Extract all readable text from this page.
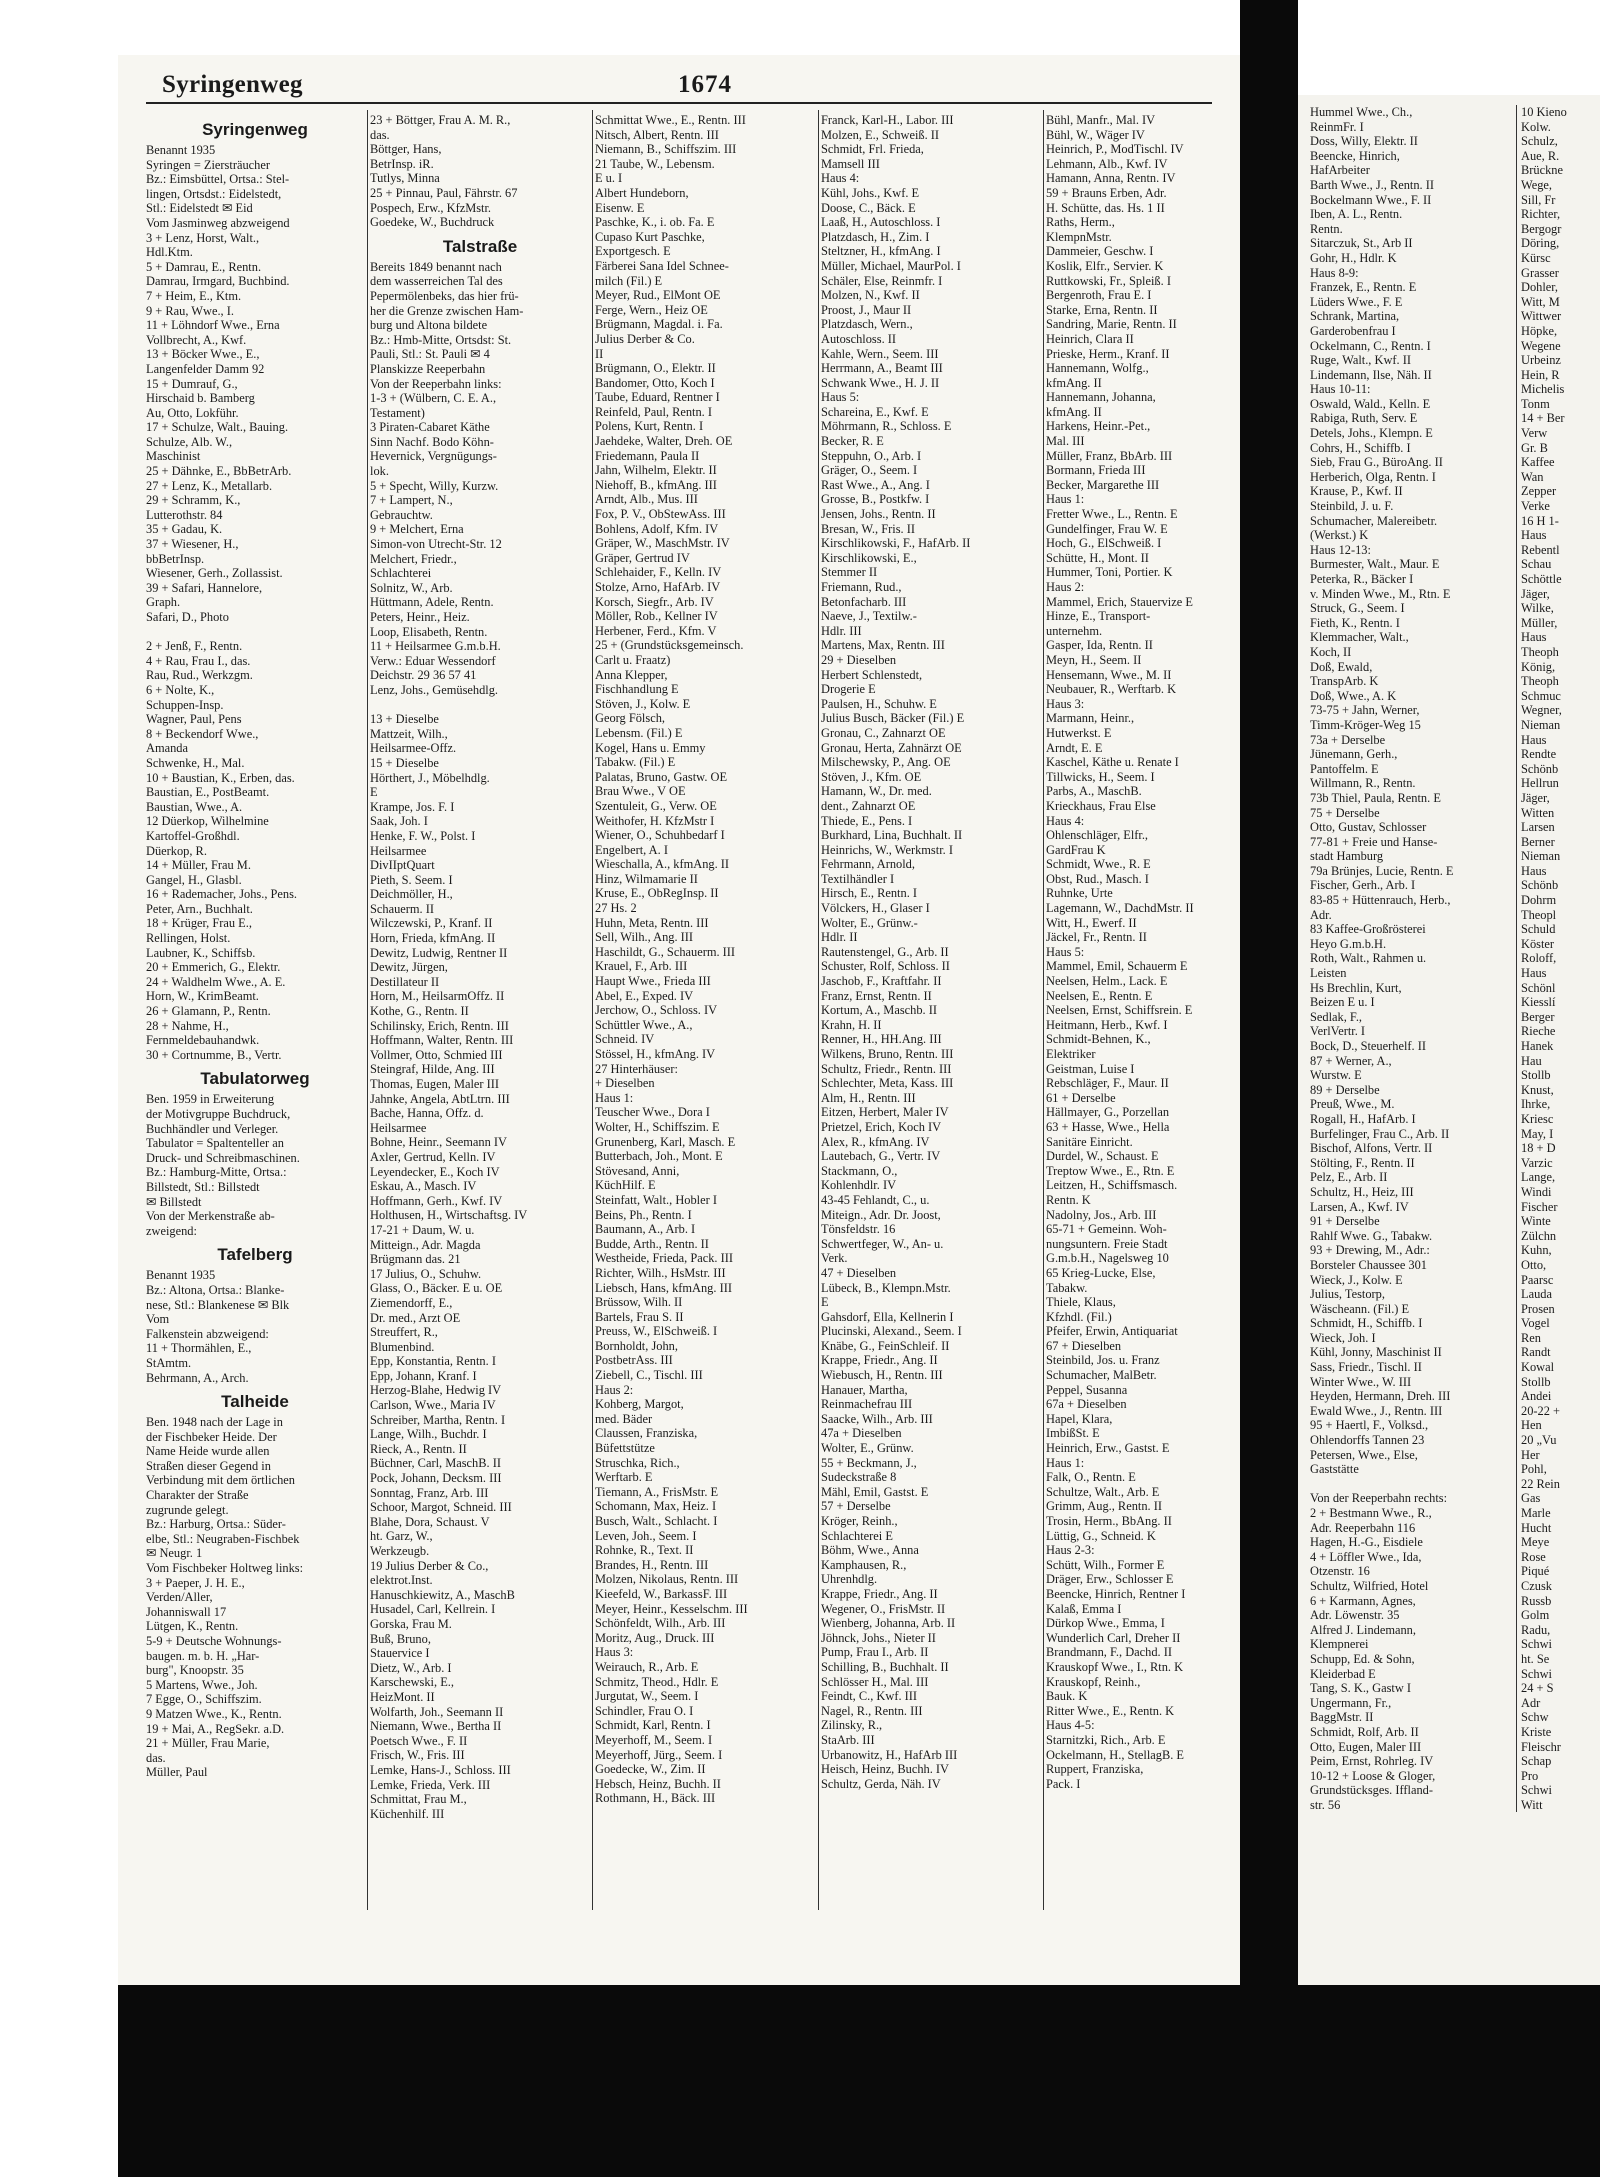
Syringenweg	1674
Syringenweg
Benannt 1935
Syringen = Ziersträucher
Bz.: Eimsbüttel, Ortsa.: Stel-
lingen, Ortsdst.: Eidelstedt,
Stl.: Eidelstedt ✉ Eid
Vom Jasminweg abzweigend
3 + Lenz, Horst, Walt.,
Hdl.Ktm.
5 + Damrau, E., Rentn.
Damrau, Irmgard, Buchbind.
7 + Heim, E., Ktm.
9 + Rau, Wwe., I.
11 + Löhndorf Wwe., Erna
Vollbrecht, A., Kwf.
13 + Böcker Wwe., E.,
Langenfelder Damm 92
15 + Dumrauf, G.,
Hirschaid b. Bamberg
Au, Otto, Lokführ.
17 + Schulze, Walt., Bauing.
Schulze, Alb. W.,
Maschinist
25 + Dähnke, E., BbBetrArb.
27 + Lenz, K., Metallarb.
29 + Schramm, K.,
Lutterothstr. 84
35 + Gadau, K.
37 + Wiesener, H.,
bbBetrInsp.
Wiesener, Gerh., Zollassist.
39 + Safari, Hannelore,
Graph.
Safari, D., Photo

2 + Jenß, F., Rentn.
4 + Rau, Frau I., das.
Rau, Rud., Werkzgm.
6 + Nolte, K.,
Schuppen-Insp.
Wagner, Paul, Pens
8 + Beckendorf Wwe.,
Amanda
Schwenke, H., Mal.
10 + Baustian, K., Erben, das.
Baustian, E., PostBeamt.
Baustian, Wwe., A.
12 Düerkop, Wilhelmine
Kartoffel-Großhdl.
Düerkop, R.
14 + Müller, Frau M.
Gangel, H., Glasbl.
16 + Rademacher, Johs., Pens.
Peter, Arn., Buchhalt.
18 + Krüger, Frau E.,
Rellingen, Holst.
Laubner, K., Schiffsb.
20 + Emmerich, G., Elektr.
24 + Waldhelm Wwe., A. E.
Horn, W., KrimBeamt.
26 + Glamann, P., Rentn.
28 + Nahme, H.,
Fernmeldebauhandwk.
30 + Cortnumme, B., Vertr.
Tabulatorweg
Ben. 1959 in Erweiterung
der Motivgruppe Buchdruck,
Buchhändler und Verleger.
Tabulator = Spaltenteller an
Druck- und Schreibmaschinen.
Bz.: Hamburg-Mitte, Ortsa.:
Billstedt, Stl.: Billstedt
✉ Billstedt
Von der Merkenstraße ab-
zweigend:
Tafelberg
Benannt 1935
Bz.: Altona, Ortsa.: Blanke-
nese, Stl.: Blankenese ✉ Blk
Vom
Falkenstein abzweigend:
11 + Thormählen, E.,
StAmtm.
Behrmann, A., Arch.
Talheide
Ben. 1948 nach der Lage in
der Fischbeker Heide. Der
Name Heide wurde allen
Straßen dieser Gegend in
Verbindung mit dem örtlichen
Charakter der Straße
zugrunde gelegt.
Bz.: Harburg, Ortsa.: Süder-
elbe, Stl.: Neugraben-Fischbek
✉ Neugr. 1
Vom Fischbeker Holtweg links:
3 + Paeper, J. H. E.,
Verden/Aller,
Johanniswall 17
Lütgen, K., Rentn.
5-9 + Deutsche Wohnungs-
baugen. m. b. H. „Har-
burg", Knoopstr. 35
5 Martens, Wwe., Joh.
7 Egge, O., Schiffszim.
9 Matzen Wwe., K., Rentn.
19 + Mai, A., RegSekr. a.D.
21 + Müller, Frau Marie,
das.
Müller, Paul
23 + Böttger, Frau A. M. R.,
das.
Böttger, Hans,
BetrInsp. iR.
Tutlys, Minna
25 + Pinnau, Paul, Fährstr. 67
Pospech, Erw., KfzMstr.
Goedeke, W., Buchdruck
Talstraße
Bereits 1849 benannt nach
dem wasserreichen Tal des
Pepermölenbeks, das hier frü-
her die Grenze zwischen Ham-
burg und Altona bildete
Bz.: Hmb-Mitte, Ortsdst: St.
Pauli, Stl.: St. Pauli ✉ 4
Planskizze Reeperbahn
Von der Reeperbahn links:
1-3 + (Wülbern, C. E. A.,
Testament)
3 Piraten-Cabaret Käthe
Sinn Nachf. Bodo Köhn-
Hevernick, Vergnügungs-
lok.
5 + Specht, Willy, Kurzw.
7 + Lampert, N.,
Gebrauchtw.
9 + Melchert, Erna
Simon-von Utrecht-Str. 12
Melchert, Friedr.,
Schlachterei
Solnitz, W., Arb.
Hüttmann, Adele, Rentn.
Peters, Heinr., Heiz.
Loop, Elisabeth, Rentn.
11 + Heilsarmee G.m.b.H.
Verw.: Eduar Wessendorf
Deichstr. 29 36 57 41
Lenz, Johs., Gemüsehdlg.

13 + Dieselbe
Mattzeit, Wilh.,
Heilsarmee-Offz.
15 + Dieselbe
Hörthert, J., Möbelhdlg.
E
Krampe, Jos. F. I
Saak, Joh. I
Henke, F. W., Polst. I
Heilsarmee
DivIIptQuart
Pieth, S. Seem. I
Deichmöller, H.,
Schauerm. II
Wilczewski, P., Kranf. II
Horn, Frieda, kfmAng. II
Dewitz, Ludwig, Rentner II
Dewitz, Jürgen,
Destillateur II
Horn, M., HeilsarmOffz. II
Kothe, G., Rentn. II
Schilinsky, Erich, Rentn. III
Hoffmann, Walter, Rentn. III
Vollmer, Otto, Schmied III
Steingraf, Hilde, Ang. III
Thomas, Eugen, Maler III
Jahnke, Angela, AbtLtrn. III
Bache, Hanna, Offz. d.
Heilsarmee
Bohne, Heinr., Seemann IV
Axler, Gertrud, Kelln. IV
Leyendecker, E., Koch IV
Eskau, A., Masch. IV
Hoffmann, Gerh., Kwf. IV
Holthusen, H., Wirtschaftsg. IV
17-21 + Daum, W. u.
Mitteign., Adr. Magda
Brügmann das. 21
17 Julius, O., Schuhw.
Glass, O., Bäcker. E u. OE
Ziemendorff, E.,
Dr. med., Arzt OE
Streuffert, R.,
Blumenbind.
Epp, Konstantia, Rentn. I
Epp, Johann, Kranf. I
Herzog-Blahe, Hedwig IV
Carlson, Wwe., Maria IV
Schreiber, Martha, Rentn. I
Lange, Wilh., Buchdr. I
Rieck, A., Rentn. II
Büchner, Carl, MaschB. II
Pock, Johann, Decksm. III
Sonntag, Franz, Arb. III
Schoor, Margot, Schneid. III
Blahe, Dora, Schaust. V
ht. Garz, W.,
Werkzeugb.
19 Julius Derber & Co.,
elektrot.Inst.
Hanuschkiewitz, A., MaschB
Husadel, Carl, Kellrein. I
Gorska, Frau M.
Buß, Bruno,
Stauervice I
Dietz, W., Arb. I
Karschewski, E.,
HeizMont. II
Wolfarth, Joh., Seemann II
Niemann, Wwe., Bertha II
Poetsch Wwe., F. II
Frisch, W., Fris. III
Lemke, Hans-J., Schloss. III
Lemke, Frieda, Verk. III
Schmittat, Frau M.,
Küchenhilf. III
Schmittat Wwe., E., Rentn. III
Nitsch, Albert, Rentn. III
Niemann, B., Schiffszim. III
21 Taube, W., Lebensm.
E u. I
Albert Hundeborn,
Eisenw. E
Paschke, K., i. ob. Fa. E
Cupaso Kurt Paschke,
Exportgesch. E
Färberei Sana Idel Schnee-
milch (Fil.) E
Meyer, Rud., ElMont OE
Ferge, Wern., Heiz OE
Brügmann, Magdal. i. Fa.
Julius Derber & Co.
II
Brügmann, O., Elektr. II
Bandomer, Otto, Koch I
Taube, Eduard, Rentner I
Reinfeld, Paul, Rentn. I
Polens, Kurt, Rentn. I
Jaehdeke, Walter, Dreh. OE
Friedemann, Paula II
Jahn, Wilhelm, Elektr. II
Niehoff, B., kfmAng. III
Arndt, Alb., Mus. III
Fox, P. V., ObStewAss. III
Bohlens, Adolf, Kfm. IV
Gräper, W., MaschMstr. IV
Gräper, Gertrud IV
Schlehaider, F., Kelln. IV
Stolze, Arno, HafArb. IV
Korsch, Siegfr., Arb. IV
Möller, Rob., Kellner IV
Herbener, Ferd., Kfm. V
25 + (Grundstücksgemeinsch.
Carlt u. Fraatz)
Anna Klepper,
Fischhandlung E
Stöven, J., Kolw. E
Georg Fölsch,
Lebensm. (Fil.) E
Kogel, Hans u. Emmy
Tabakw. (Fil.) E
Palatas, Bruno, Gastw. OE
Brau Wwe., V OE
Szentuleit, G., Verw. OE
Weithofer, H. KfzMstr I
Wiener, O., Schuhbedarf I
Engelbert, A. I
Wieschalla, A., kfmAng. II
Hinz, Wilmamarie II
Kruse, E., ObRegInsp. II
27 Hs. 2
Huhn, Meta, Rentn. III
Sell, Wilh., Ang. III
Haschildt, G., Schauerm. III
Krauel, F., Arb. III
Haupt Wwe., Frieda III
Abel, E., Exped. IV
Jerchow, O., Schloss. IV
Schüttler Wwe., A.,
Schneid. IV
Stössel, H., kfmAng. IV
27 Hinterhäuser:
+ Dieselben
Haus 1:
Teuscher Wwe., Dora I
Wolter, H., Schiffszim. E
Grunenberg, Karl, Masch. E
Butterbach, Joh., Mont. E
Stövesand, Anni,
KüchHilf. E
Steinfatt, Walt., Hobler I
Beins, Ph., Rentn. I
Baumann, A., Arb. I
Budde, Arth., Rentn. II
Westheide, Frieda, Pack. III
Richter, Wilh., HsMstr. III
Liebsch, Hans, kfmAng. III
Brüssow, Wilh. II
Bartels, Frau S. II
Preuss, W., ElSchweiß. I
Bornholdt, John,
PostbetrAss. III
Ziebell, C., Tischl. III
Haus 2:
Kohberg, Margot,
med. Bäder
Claussen, Franziska,
Büfettstütze
Struschka, Rich.,
Werftarb. E
Tiemann, A., FrisMstr. E
Schomann, Max, Heiz. I
Busch, Walt., Schlacht. I
Leven, Joh., Seem. I
Rohnke, R., Text. II
Brandes, H., Rentn. III
Molzen, Nikolaus, Rentn. III
Kieefeld, W., BarkassF. III
Meyer, Heinr., Kesselschm. III
Schönfeldt, Wilh., Arb. III
Moritz, Aug., Druck. III
Haus 3:
Weirauch, R., Arb. E
Schmitz, Theod., Hdlr. E
Jurgutat, W., Seem. I
Schindler, Frau O. I
Schmidt, Karl, Rentn. I
Meyerhoff, M., Seem. I
Meyerhoff, Jürg., Seem. I
Goedecke, W., Zim. II
Hebsch, Heinz, Buchh. II
Rothmann, H., Bäck. III
Franck, Karl-H., Labor. III
Molzen, E., Schweiß. II
Schmidt, Frl. Frieda,
Mamsell III
Haus 4:
Kühl, Johs., Kwf. E
Doose, C., Bäck. E
Laaß, H., Autoschloss. I
Platzdasch, H., Zim. I
Steltzner, H., kfmAng. I
Müller, Michael, MaurPol. I
Schäler, Else, Reinmfr. I
Molzen, N., Kwf. II
Proost, J., Maur II
Platzdasch, Wern.,
Autoschloss. II
Kahle, Wern., Seem. III
Herrmann, A., Beamt III
Schwank Wwe., H. J. II
Haus 5:
Schareina, E., Kwf. E
Möhrmann, R., Schloss. E
Becker, R. E
Steppuhn, O., Arb. I
Gräger, O., Seem. I
Rast Wwe., A., Ang. I
Grosse, B., Postkfw. I
Jensen, Johs., Rentn. II
Bresan, W., Fris. II
Kirschlikowski, F., HafArb. II
Kirschlikowski, E.,
Stemmer II
Friemann, Rud.,
Betonfacharb. III
Naeve, J., Textilw.-
Hdlr. III
Martens, Max, Rentn. III
29 + Dieselben
Herbert Schlenstedt,
Drogerie E
Paulsen, H., Schuhw. E
Julius Busch, Bäcker (Fil.) E
Gronau, C., Zahnarzt OE
Gronau, Herta, Zahnärzt OE
Milschewsky, P., Ang. OE
Stöven, J., Kfm. OE
Hamann, W., Dr. med.
dent., Zahnarzt OE
Thiede, E., Pens. I
Burkhard, Lina, Buchhalt. II
Heinrichs, W., Werkmstr. I
Fehrmann, Arnold,
Textilhändler I
Hirsch, E., Rentn. I
Völckers, H., Glaser I
Wolter, E., Grünw.-
Hdlr. II
Rautenstengel, G., Arb. II
Schuster, Rolf, Schloss. II
Jaschob, F., Kraftfahr. II
Franz, Ernst, Rentn. II
Kortum, A., Maschb. II
Krahn, H. II
Renner, H., HH.Ang. III
Wilkens, Bruno, Rentn. III
Schultz, Friedr., Rentn. III
Schlechter, Meta, Kass. III
Alm, H., Rentn. III
Eitzen, Herbert, Maler IV
Prietzel, Erich, Koch IV
Alex, R., kfmAng. IV
Lautebach, G., Vertr. IV
Stackmann, O.,
Kohlenhdlr. IV
43-45 Fehlandt, C., u.
Miteign., Adr. Dr. Joost,
Tönsfeldstr. 16
Schwertfeger, W., An- u.
Verk.
47 + Dieselben
Lübeck, B., Klempn.Mstr.
E
Gahsdorf, Ella, Kellnerin I
Plucinski, Alexand., Seem. I
Knäbe, G., FeinSchleif. II
Krappe, Friedr., Ang. II
Wiebusch, H., Rentn. III
Hanauer, Martha,
Reinmachefrau III
Saacke, Wilh., Arb. III
47a + Dieselben
Wolter, E., Grünw.
55 + Beckmann, J.,
Sudeckstraße 8
Mähl, Emil, Gastst. E
57 + Derselbe
Kröger, Reinh.,
Schlachterei E
Böhm, Wwe., Anna
Kamphausen, R.,
Uhrenhdlg.
Krappe, Friedr., Ang. II
Wegener, O., FrisMstr. II
Wienberg, Johanna, Arb. II
Jöhnck, Johs., Nieter II
Pump, Frau I., Arb. II
Schilling, B., Buchhalt. II
Schlösser H., Mal. III
Feindt, C., Kwf. III
Nagel, R., Rentn. III
Zilinsky, R.,
StaArb. III
Urbanowitz, H., HafArb III
Heisch, Heinz, Buchh. IV
Schultz, Gerda, Näh. IV
Bühl, Manfr., Mal. IV
Bühl, W., Wäger IV
Heinrich, P., ModTischl. IV
Lehmann, Alb., Kwf. IV
Hamann, Anna, Rentn. IV
59 + Brauns Erben, Adr.
H. Schütte, das. Hs. 1 II
Raths, Herm.,
KlempnMstr.
Dammeier, Geschw. I
Koslik, Elfr., Servier. K
Ruttkowski, Fr., Spleiß. I
Bergenroth, Frau E. I
Starke, Erna, Rentn. II
Sandring, Marie, Rentn. II
Heinrich, Clara II
Prieske, Herm., Kranf. II
Hannemann, Wolfg.,
kfmAng. II
Hannemann, Johanna,
kfmAng. II
Harkens, Heinr.-Pet.,
Mal. III
Müller, Franz, BbArb. III
Bormann, Frieda III
Becker, Margarethe III
Haus 1:
Fretter Wwe., L., Rentn. E
Gundelfinger, Frau W. E
Hoch, G., ElSchweiß. I
Schütte, H., Mont. II
Hummer, Toni, Portier. K
Haus 2:
Mammel, Erich, Stauervize E
Hinze, E., Transport-
unternehm.
Gasper, Ida, Rentn. II
Meyn, H., Seem. II
Hensemann, Wwe., M. II
Neubauer, R., Werftarb. K
Haus 3:
Marmann, Heinr.,
Hutwerkst. E
Arndt, E. E
Kaschel, Käthe u. Renate I
Tillwicks, H., Seem. I
Parbs, A., MaschB.
Krieckhaus, Frau Else
Haus 4:
Ohlenschläger, Elfr.,
GardFrau K
Schmidt, Wwe., R. E
Obst, Rud., Masch. I
Ruhnke, Urte
Lagemann, W., DachdMstr. II
Witt, H., Ewerf. II
Jäckel, Fr., Rentn. II
Haus 5:
Mammel, Emil, Schauerm E
Neelsen, Helm., Lack. E
Neelsen, E., Rentn. E
Neelsen, Ernst, Schiffsrein. E
Heitmann, Herb., Kwf. I
Schmidt-Behnen, K.,
Elektriker
Geistman, Luise I
Rebschläger, F., Maur. II
61 + Derselbe
Hällmayer, G., Porzellan
63 + Hasse, Wwe., Hella
Sanitäre Einricht.
Durdel, W., Schaust. E
Treptow Wwe., E., Rtn. E
Leitzen, H., Schiffsmasch.
Rentn. K
Nadolny, Jos., Arb. III
65-71 + Gemeinn. Woh-
nungsuntern. Freie Stadt
G.m.b.H., Nagelsweg 10
65 Krieg-Lucke, Else,
Tabakw.
Thiele, Klaus,
Kfzhdl. (Fil.)
Pfeifer, Erwin, Antiquariat
67 + Dieselben
Steinbild, Jos. u. Franz
Schumacher, MalBetr.
Peppel, Susanna
67a + Dieselben
Hapel, Klara,
ImbißSt. E
Heinrich, Erw., Gastst. E
Haus 1:
Falk, O., Rentn. E
Schultze, Walt., Arb. E
Grimm, Aug., Rentn. II
Trosin, Herm., BbAng. II
Lüttig, G., Schneid. K
Haus 2-3:
Schütt, Wilh., Former E
Dräger, Erw., Schlosser E
Beencke, Hinrich, Rentner I
Kalaß, Emma I
Dürkop Wwe., Emma, I
Wunderlich Carl, Dreher II
Brandmann, F., Dachd. II
Krauskopf Wwe., I., Rtn. K
Krauskopf, Reinh.,
Bauk. K
Ritter Wwe., E., Rentn. K
Haus 4-5:
Starnitzki, Rich., Arb. E
Ockelmann, H., StellagB. E
Ruppert, Franziska,
Pack. I
Hummel Wwe., Ch.,
ReinmFr. I
Doss, Willy, Elektr. II
Beencke, Hinrich,
HafArbeiter
Barth Wwe., J., Rentn. II
Bockelmann Wwe., F. II
Iben, A. L., Rentn.
Rentn.
Sitarczuk, St., Arb II
Gohr, H., Hdlr. K
Haus 8-9:
Franzek, E., Rentn. E
Lüders Wwe., F. E
Schrank, Martina,
Garderobenfrau I
Ockelmann, C., Rentn. I
Ruge, Walt., Kwf. II
Lindemann, Ilse, Näh. II
Haus 10-11:
Oswald, Wald., Kelln. E
Rabiga, Ruth, Serv. E
Detels, Johs., Klempn. E
Cohrs, H., Schiffb. I
Sieb, Frau G., BüroAng. II
Herberich, Olga, Rentn. I
Krause, P., Kwf. II
Steinbild, J. u. F.
Schumacher, Malereibetr.
(Werkst.) K
Haus 12-13:
Burmester, Walt., Maur. E
Peterka, R., Bäcker I
v. Minden Wwe., M., Rtn. E
Struck, G., Seem. I
Fieth, K., Rentn. I
Klemmacher, Walt.,
Koch, II
Doß, Ewald,
TranspArb. K
Doß, Wwe., A. K
73-75 + Jahn, Werner,
Timm-Kröger-Weg 15
73a + Derselbe
Jünemann, Gerh.,
Pantoffelm. E
Willmann, R., Rentn.
73b Thiel, Paula, Rentn. E
75 + Derselbe
Otto, Gustav, Schlosser
77-81 + Freie und Hanse-
stadt Hamburg
79a Brünjes, Lucie, Rentn. E
Fischer, Gerh., Arb. I
83-85 + Hüttenrauch, Herb.,
Adr.
83 Kaffee-Großrösterei
Heyo G.m.b.H.
Roth, Walt., Rahmen u.
Leisten
Hs Brechlin, Kurt,
Beizen E u. I
Sedlak, F.,
VerlVertr. I
Bock, D., Steuerhelf. II
87 + Werner, A.,
Wurstw. E
89 + Derselbe
Preuß, Wwe., M.
Rogall, H., HafArb. I
Burfelinger, Frau C., Arb. II
Bischof, Alfons, Vertr. II
Stölting, F., Rentn. II
Pelz, E., Arb. II
Schultz, H., Heiz, III
Larsen, A., Kwf. IV
91 + Derselbe
Rahlf Wwe. G., Tabakw.
93 + Drewing, M., Adr.:
Borsteler Chaussee 301
Wieck, J., Kolw. E
Julius, Testorp,
Wäscheann. (Fil.) E
Schmidt, H., Schiffb. I
Wieck, Joh. I
Kühl, Jonny, Maschinist II
Sass, Friedr., Tischl. II
Winter Wwe., W. III
Heyden, Hermann, Dreh. III
Ewald Wwe., J., Rentn. III
95 + Haertl, F., Volksd.,
Ohlendorffs Tannen 23
Petersen, Wwe., Else,
Gaststätte

Von der Reeperbahn rechts:
2 + Bestmann Wwe., R.,
Adr. Reeperbahn 116
Hagen, H.-G., Eisdiele
4 + Löffler Wwe., Ida,
Otzenstr. 16
Schultz, Wilfried, Hotel
6 + Karmann, Agnes,
Adr. Löwenstr. 35
Alfred J. Lindemann,
Klempnerei
Schupp, Ed. & Sohn,
Kleiderbad E
Tang, S. K., Gastw I
Ungermann, Fr.,
BaggMstr. II
Schmidt, Rolf, Arb. II
Otto, Eugen, Maler III
Peim, Ernst, Rohrleg. IV
10-12 + Loose & Gloger,
Grundstücksges. Iffland-
str. 56
10 Kieno
Kolw.
Schulz,
Aue, R.
Brückne
Wege,
Sill, Fr
Richter,
Bergogr
Döring,
Kürsc
Grasser
Dohler,
Witt, M
Wittwer
Höpke,
Wegene
Urbeinz
Hein, R
Michelis
Tonm
14 + Ber
Verw
Gr. B
Kaffee
Wan
Zepper
Verke
16 H 1-
Haus
Rebentl
Schau
Schöttle
Jäger,
Wilke,
Müller,
Haus
Theoph
König,
Theoph
Schmuc
Wegner,
Nieman
Haus
Rendte
Schönb
Hellrun
Jäger,
Witten
Larsen
Berner
Nieman
Haus
Schönb
Dohrm
Theopl
Schuld
Köster
Roloff,
Haus
Schönl
Kiesslí
Berger
Rieche
Hanek
Hau
Stollb
Knust,
Ihrke,
Kriesc
May, I
18 + D
Varzic
Lange,
Windi
Fischer
Winte
Zülchn
Kuhn,
Otto,
Paarsc
Lauda
Prosen
Vogel
Ren
Randt
Kowal
Stollb
Andei
20-22 +
Hen
20 „Vu
Her
Pohl,
22 Rein
Gas
Marle
Hucht
Meye
Rose
Piqué
Czusk
Russb
Golm
Radu,
Schwi
ht. Se
Schwi
24 + S
Adr
Schw
Kriste
Fleischr
Schap
Pro
Schwi
Witt
